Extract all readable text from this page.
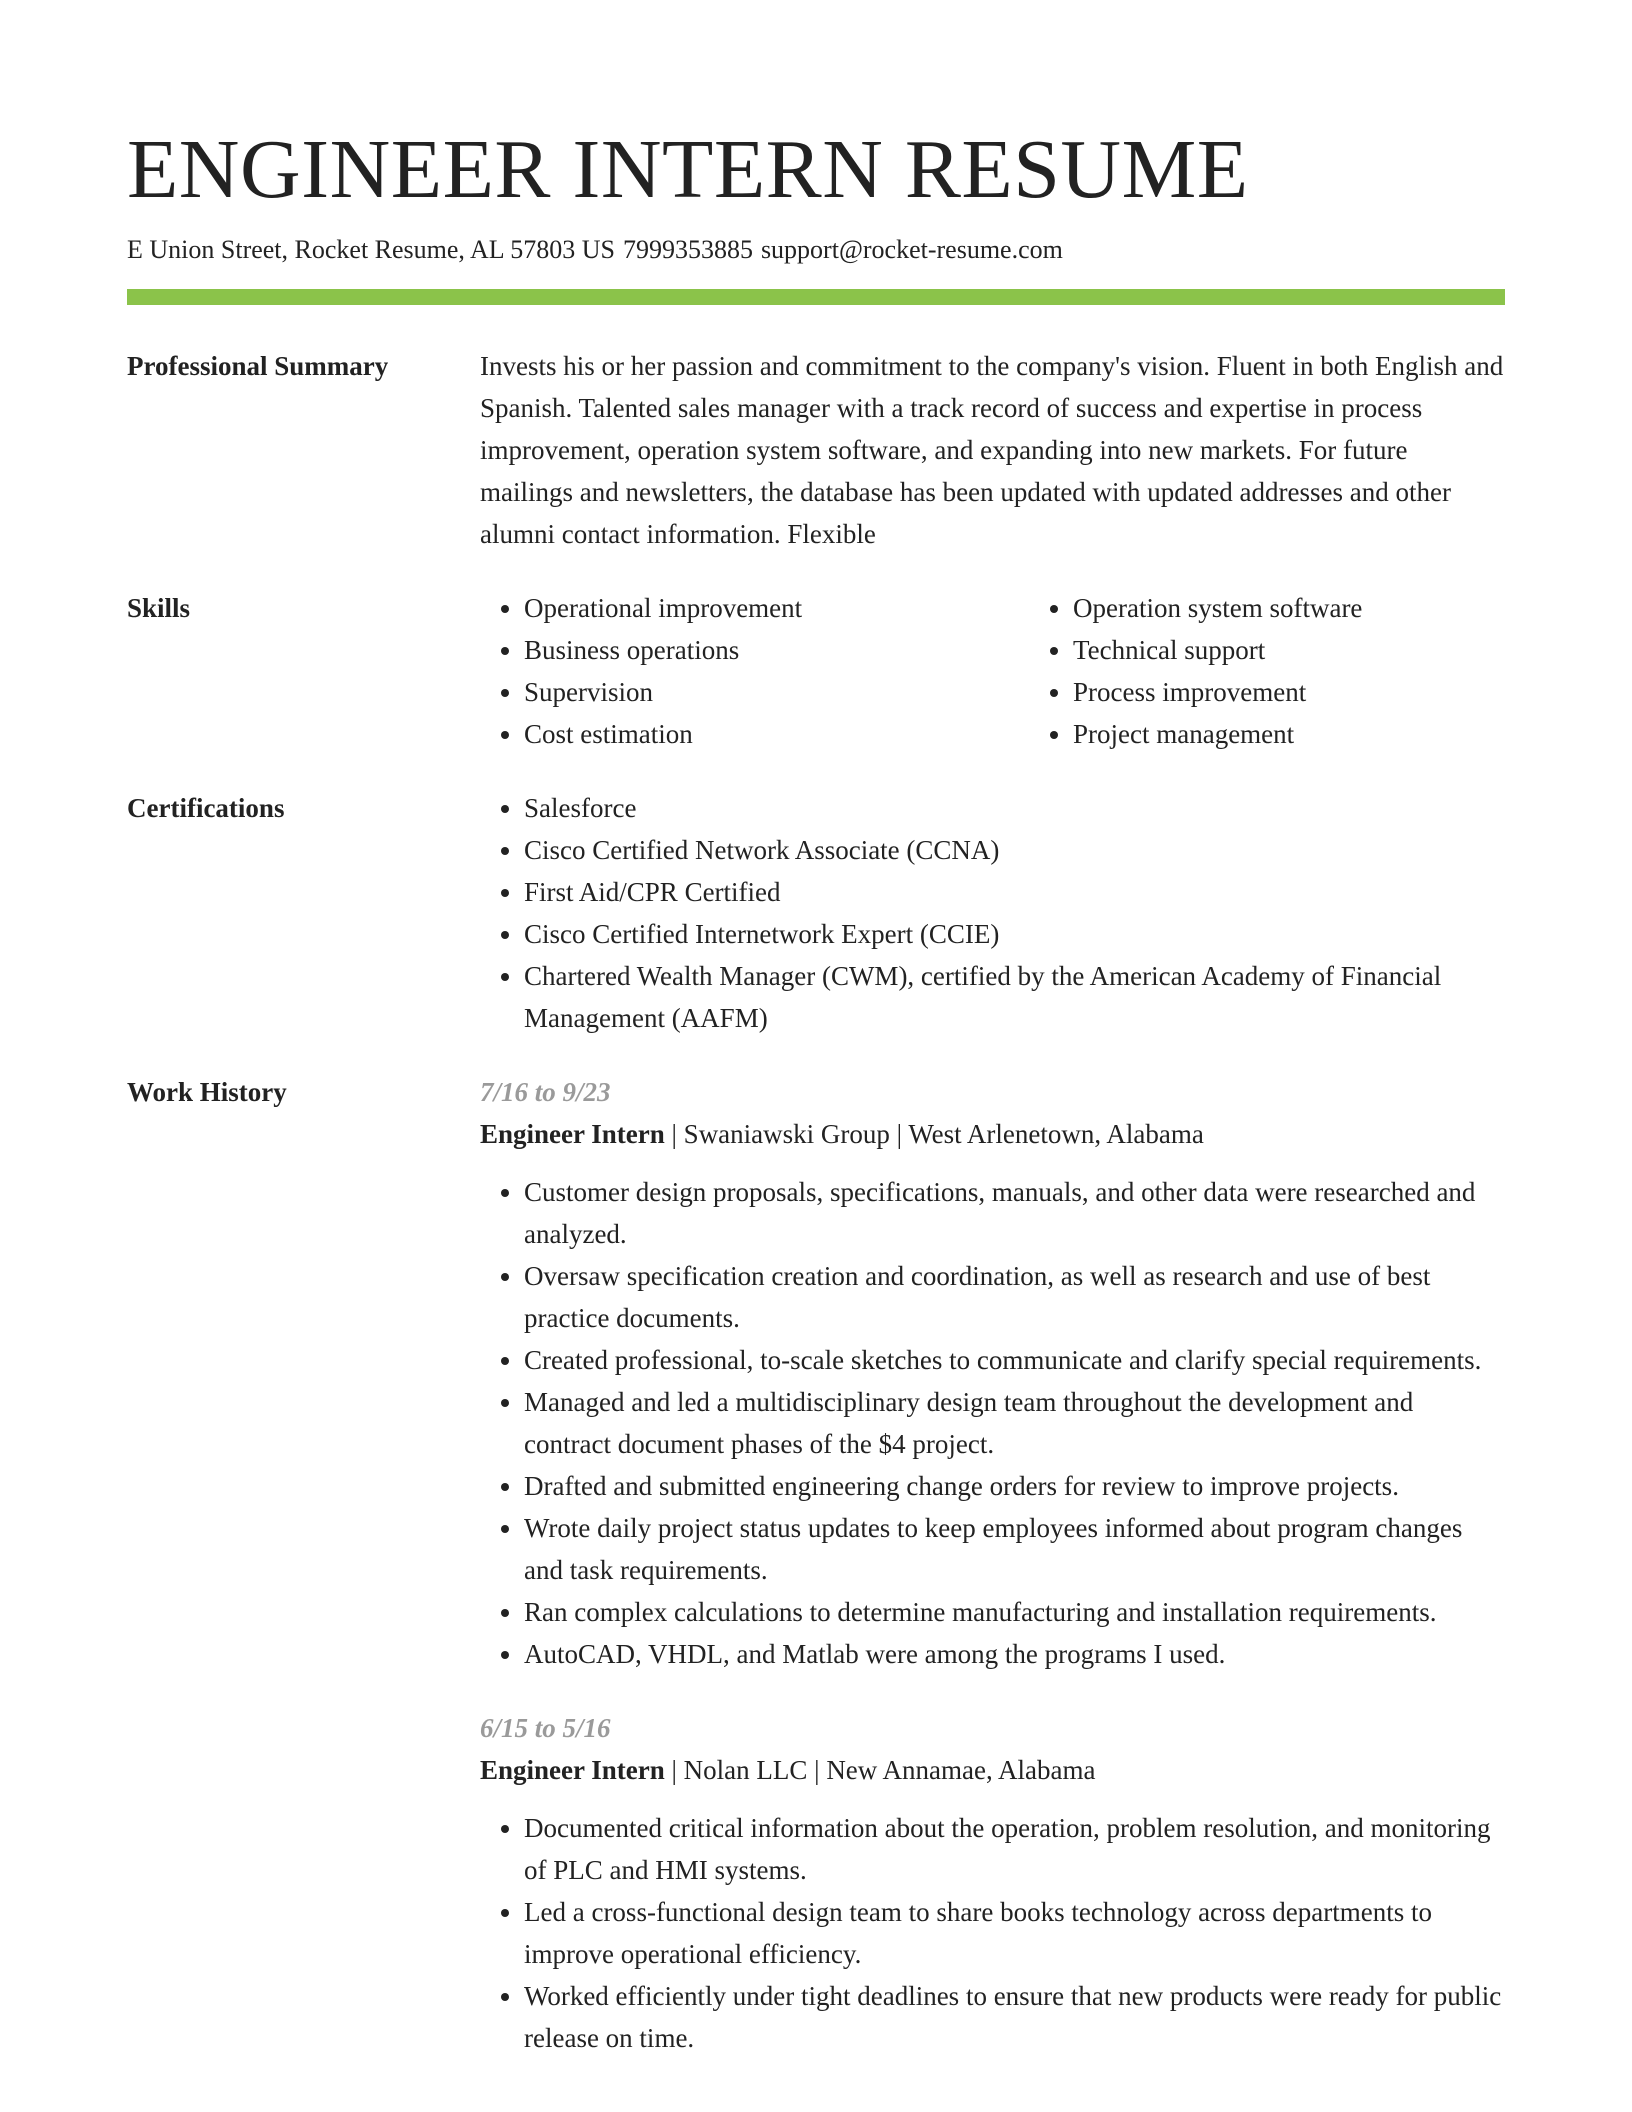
ENGINEER INTERN RESUME
E Union Street, Rocket Resume, AL 57803 US 7999353885 support@rocket-resume.com
Professional Summary	Invests his or her passion and commitment to the company's vision. Fluent in both English and Spanish. Talented sales manager with a track record of success and expertise in process improvement, operation system software, and expanding into new markets. For future mailings and newsletters, the database has been updated with updated addresses and other alumni contact information. Flexible
Skills	• Operational improvement
• Business operations
• Supervision
• Cost estimation
• Operation system software
• Technical support
• Process improvement
• Project management
Certifications	• Salesforce
• Cisco Certified Network Associate (CCNA)
• First Aid/CPR Certified
• Cisco Certified Internetwork Expert (CCIE)
• Chartered Wealth Manager (CWM), certified by the American Academy of Financial Management (AAFM)
Work History	7/16 to 9/23
Engineer Intern | Swaniawski Group | West Arlenetown, Alabama
• Customer design proposals, specifications, manuals, and other data were researched and analyzed.
• Oversaw specification creation and coordination, as well as research and use of best practice documents.
• Created professional, to-scale sketches to communicate and clarify special requirements.
• Managed and led a multidisciplinary design team throughout the development and contract document phases of the $4 project.
• Drafted and submitted engineering change orders for review to improve projects.
• Wrote daily project status updates to keep employees informed about program changes and task requirements.
• Ran complex calculations to determine manufacturing and installation requirements.
• AutoCAD, VHDL, and Matlab were among the programs I used.
6/15 to 5/16
Engineer Intern | Nolan LLC | New Annamae, Alabama
• Documented critical information about the operation, problem resolution, and monitoring of PLC and HMI systems.
• Led a cross-functional design team to share books technology across departments to improve operational efficiency.
• Worked efficiently under tight deadlines to ensure that new products were ready for public release on time.
